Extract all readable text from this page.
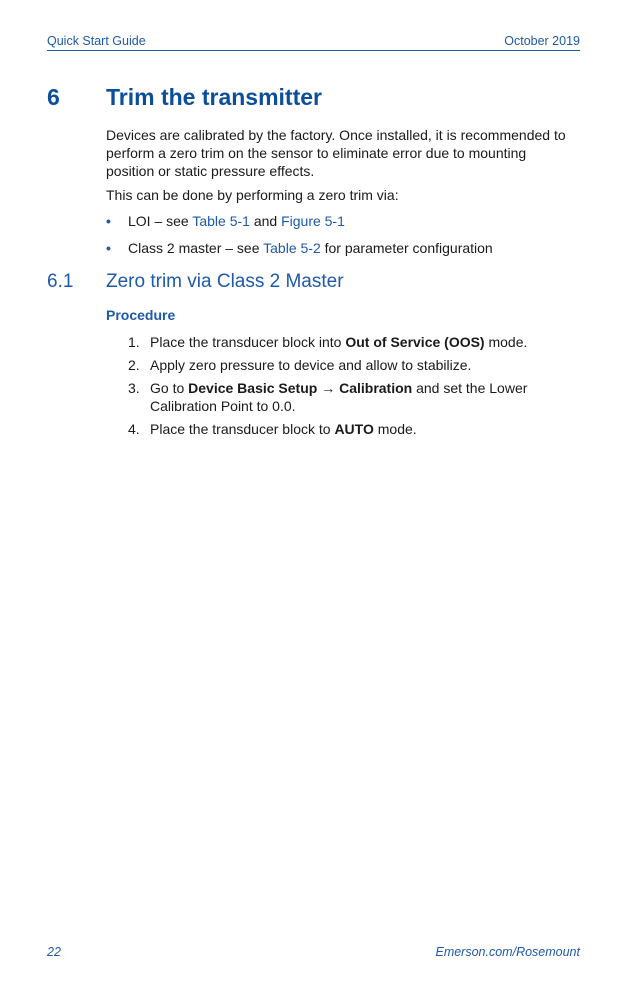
Quick Start Guide	October 2019
6 Trim the transmitter
Devices are calibrated by the factory. Once installed, it is recommended to perform a zero trim on the sensor to eliminate error due to mounting position or static pressure effects.
This can be done by performing a zero trim via:
• LOI – see Table 5-1 and Figure 5-1
• Class 2 master – see Table 5-2 for parameter configuration
6.1 Zero trim via Class 2 Master
Procedure
1. Place the transducer block into Out of Service (OOS) mode.
2. Apply zero pressure to device and allow to stabilize.
3. Go to Device Basic Setup → Calibration and set the Lower Calibration Point to 0.0.
4. Place the transducer block to AUTO mode.
22	Emerson.com/Rosemount
